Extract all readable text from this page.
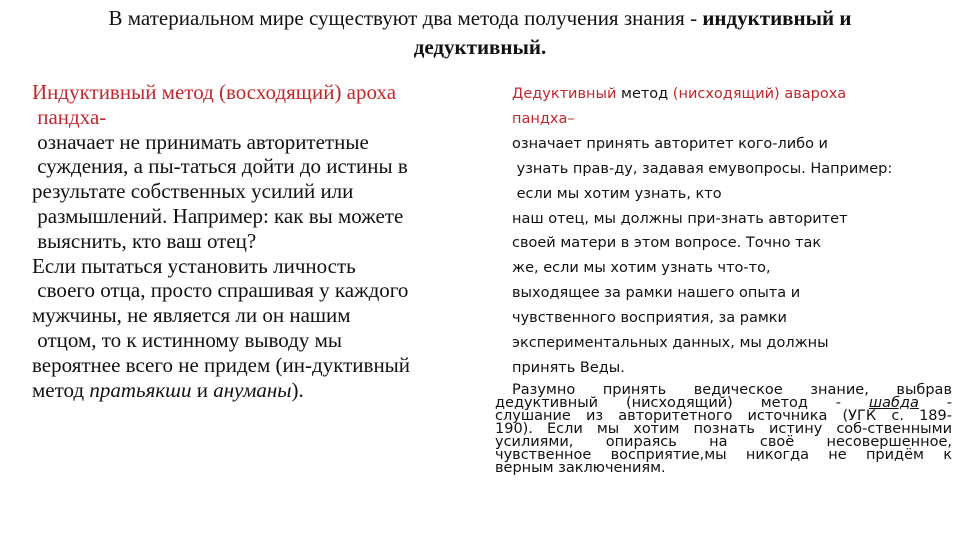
В материальном мире существуют два метода получения знания - индуктивный и
дедуктивный.
Индуктивный метод (восходящий) ароха
пандха-
означает не принимать авторитетные
суждения, а пы-таться дойти до истины в
результате собственных усилий или
размышлений. Например: как вы можете
выяснить, кто ваш отец?
Если пытаться установить личность
своего отца, просто спрашивая у каждого
мужчины, не является ли он нашим
отцом, то к истинному выводу мы
вероятнее всего не придем (ин-дуктивный
метод пратьякши и ануманы).
Дедуктивный метод (нисходящий) авароха
пандха–
означает принять авторитет кого-либо и
узнать прав-ду, задавая емувопросы. Например:
если мы хотим узнать, кто
наш отец, мы должны при-знать авторитет
своей матери в этом вопросе. Точно так
же, если мы хотим узнать что-то,
выходящее за рамки нашего опыта и
чувственного восприятия, за рамки
экспериментальных данных, мы должны
принять Веды.
Разумно принять ведическое знание, выбрав
дедуктивный (нисходящий) метод - шабда -
слушание из авторитетного источника (УГК с. 189-
190). Если мы хотим познать истину соб-ственными
усилиями, опираясь на своё несовершенное,
чувственное восприятие,мы никогда не придём к
верным заключениям.
